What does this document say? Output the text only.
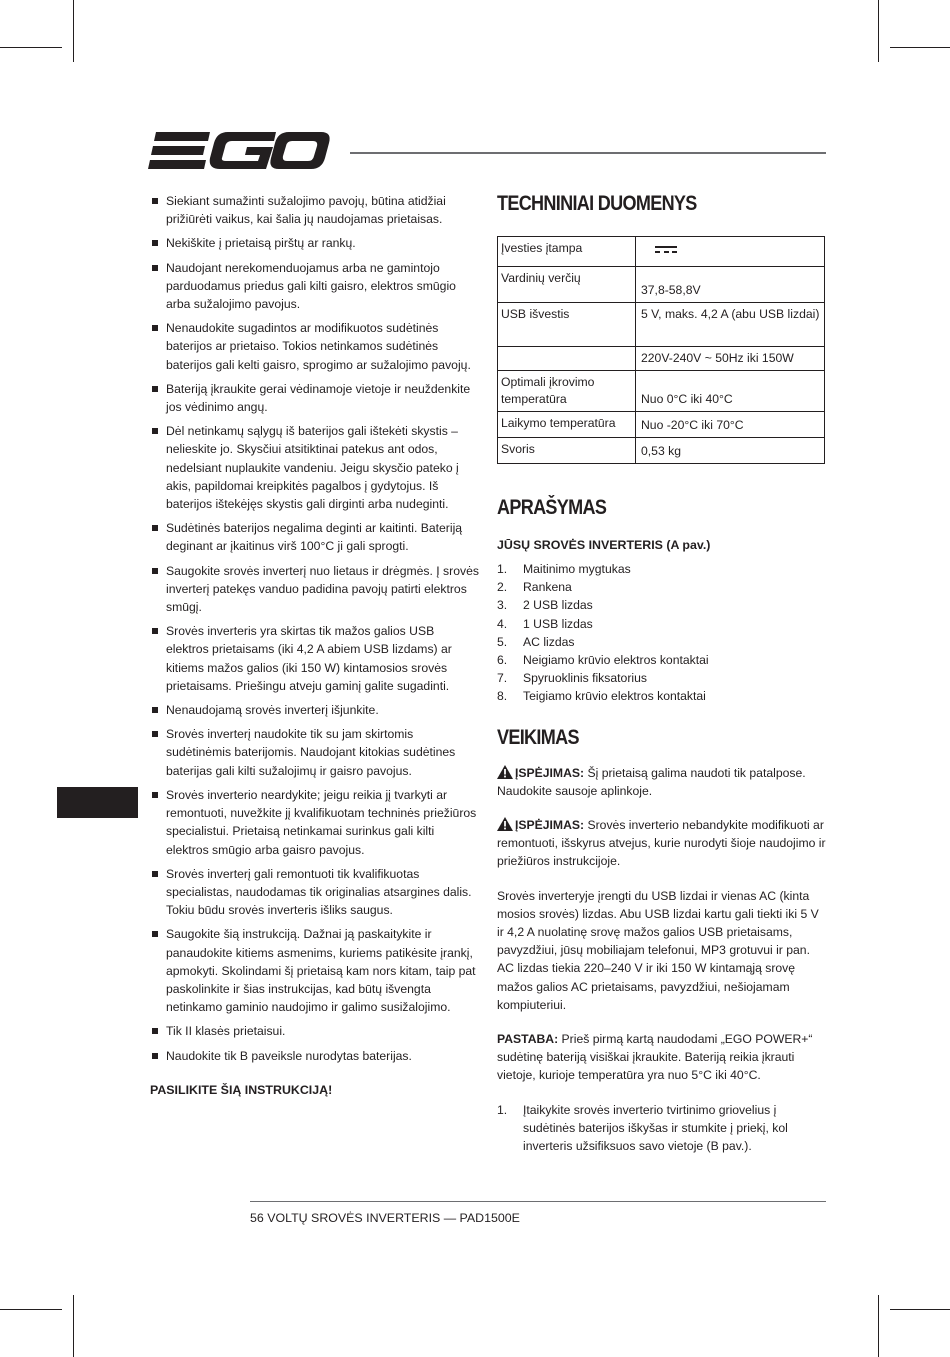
Siekiant sumažinti sužalojimo pavojų, būtina atidžiai prižiūrėti vaikus, kai šalia jų naudojamas prietaisas.
Nekiškite į prietaisą pirštų ar rankų.
Naudojant nerekomenduojamus arba ne gamintojo parduodamus priedus gali kilti gaisro, elektros smūgio arba sužalojimo pavojus.
Nenaudokite sugadintos ar modifikuotos sudėtinės baterijos ar prietaiso. Tokios netinkamos sudėtinės baterijos gali kelti gaisro, sprogimo ar sužalojimo pavojų.
Bateriją įkraukite gerai vėdinamoje vietoje ir neuždenkite jos vėdinimo angų.
Dėl netinkamų sąlygų iš baterijos gali ištekėti skystis – nelieskite jo. Skysčiui atsitiktinai patekus ant odos, nedelsiant nuplaukite vandeniu. Jeigu skysčio pateko į akis, papildomai kreipkitės pagalbos į gydytojus. Iš baterijos ištekėjęs skystis gali dirginti arba nudeginti.
Sudėtinės baterijos negalima deginti ar kaitinti. Bateriją deginant ar įkaitinus virš 100°C ji gali sprogti.
Saugokite srovės inverterį nuo lietaus ir drėgmės. Į srovės inverterį patekęs vanduo padidina pavojų patirti elektros smūgį.
Srovės inverteris yra skirtas tik mažos galios USB elektros prietaisams (iki 4,2 A abiem USB lizdams) ar kitiems mažos galios (iki 150 W) kintamosios srovės prietaisams. Priešingu atveju gaminį galite sugadinti.
Nenaudojamą srovės inverterį išjunkite.
Srovės inverterį naudokite tik su jam skirtomis sudėtinėmis baterijomis. Naudojant kitokias sudėtines baterijas gali kilti sužalojimų ir gaisro pavojus.
Srovės inverterio neardykite; jeigu reikia jį tvarkyti ar remontuoti, nuvežkite jį kvalifikuotam techninės priežiūros specialistui. Prietaisą netinkamai surinkus gali kilti elektros smūgio arba gaisro pavojus.
Srovės inverterį gali remontuoti tik kvalifikuotas specialistas, naudodamas tik originalias atsargines dalis. Tokiu būdu srovės inverteris išliks saugus.
Saugokite šią instrukciją. Dažnai ją paskaitykite ir panaudokite kitiems asmenims, kuriems patikėsite įrankį, apmokyti. Skolindami šį prietaisą kam nors kitam, taip pat paskolinkite ir šias instrukcijas, kad būtų išvengta netinkamo gaminio naudojimo ir galimo susižalojimo.
Tik II klasės prietaisui.
Naudokite tik B paveiksle nurodytas baterijas.
PASILIKITE ŠIĄ INSTRUKCIJĄ!
TECHNINIAI DUOMENYS
Įvesties įtampa	

Vardinių verčių	37,8-58,8V
USB išvestis	5 V, maks. 4,2 A (abu USB lizdai)
	220V-240V ~ 50Hz iki 150W
Optimali įkrovimo temperatūra	Nuo 0°C iki 40°C
Laikymo temperatūra	Nuo -20°C iki 70°C
Svoris	0,53 kg
APRAŠYMAS
JŪSŲ SROVĖS INVERTERIS (A pav.)
1.	Maitinimo mygtukas
2.	Rankena
3.	2 USB lizdas
4.	1 USB lizdas
5.	AC lizdas
6.	Neigiamo krūvio elektros kontaktai
7.	Spyruoklinis fiksatorius
8.	Teigiamo krūvio elektros kontaktai
VEIKIMAS

ĮSPĖJIMAS: Šį prietaisą galima naudoti tik patalpose. Naudokite sausoje aplinkoje.

ĮSPĖJIMAS: Srovės inverterio nebandykite modifikuoti ar remontuoti, išskyrus atvejus, kurie nurodyti šioje naudojimo ir priežiūros instrukcijoje.

Srovės inverteryje įrengti du USB lizdai ir vienas AC (kinta mosios srovės) lizdas. Abu USB lizdai kartu gali tiekti iki 5 V ir 4,2 A nuolatinę srovę mažos galios USB prietaisams, pavyzdžiui, jūsų mobiliajam telefonui, MP3 grotuvui ir pan. AC lizdas tiekia 220–240 V ir iki 150 W kintamąją srovę mažos galios AC prietaisams, pavyzdžiui, nešiojamam kompiuteriui.

PASTABA: Prieš pirmą kartą naudodami „EGO POWER+“ sudėtinę bateriją visiškai įkraukite. Bateriją reikia įkrauti vietoje, kurioje temperatūra yra nuo 5°C iki 40°C.

1.	Įtaikykite srovės inverterio tvirtinimo griovelius į sudėtinės baterijos iškyšas ir stumkite į priekį, kol inverteris užsifiksuos savo vietoje (B pav.).
56 VOLTŲ SROVĖS INVERTERIS — PAD1500E
